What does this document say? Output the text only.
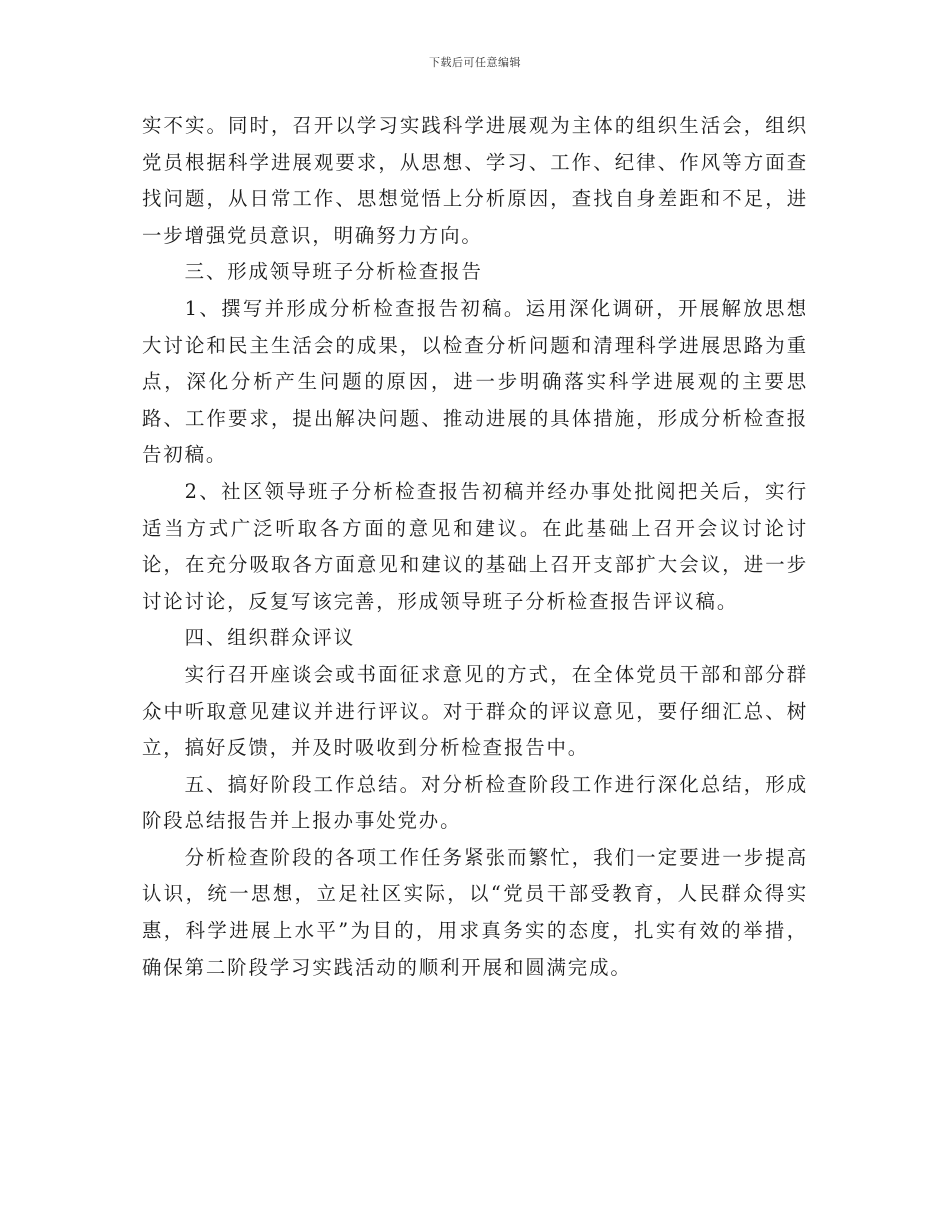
下载后可任意编辑

实不实。同时，召开以学习实践科学进展观为主体的组织生活会，组织党员根据科学进展观要求，从思想、学习、工作、纪律、作风等方面查找问题，从日常工作、思想觉悟上分析原因，查找自身差距和不足，进一步增强党员意识，明确努力方向。

三、形成领导班子分析检查报告

1、撰写并形成分析检查报告初稿。运用深化调研，开展解放思想大讨论和民主生活会的成果，以检查分析问题和清理科学进展思路为重点，深化分析产生问题的原因，进一步明确落实科学进展观的主要思路、工作要求，提出解决问题、推动进展的具体措施，形成分析检查报告初稿。

2、社区领导班子分析检查报告初稿并经办事处批阅把关后，实行适当方式广泛听取各方面的意见和建议。在此基础上召开会议讨论讨论，在充分吸取各方面意见和建议的基础上召开支部扩大会议，进一步讨论讨论，反复写该完善，形成领导班子分析检查报告评议稿。

四、组织群众评议

实行召开座谈会或书面征求意见的方式，在全体党员干部和部分群众中听取意见建议并进行评议。对于群众的评议意见，要仔细汇总、树立，搞好反馈，并及时吸收到分析检查报告中。

五、搞好阶段工作总结。对分析检查阶段工作进行深化总结，形成阶段总结报告并上报办事处党办。

分析检查阶段的各项工作任务紧张而繁忙，我们一定要进一步提高认识，统一思想，立足社区实际，以“党员干部受教育，人民群众得实惠，科学进展上水平”为目的，用求真务实的态度，扎实有效的举措，确保第二阶段学习实践活动的顺利开展和圆满完成。
